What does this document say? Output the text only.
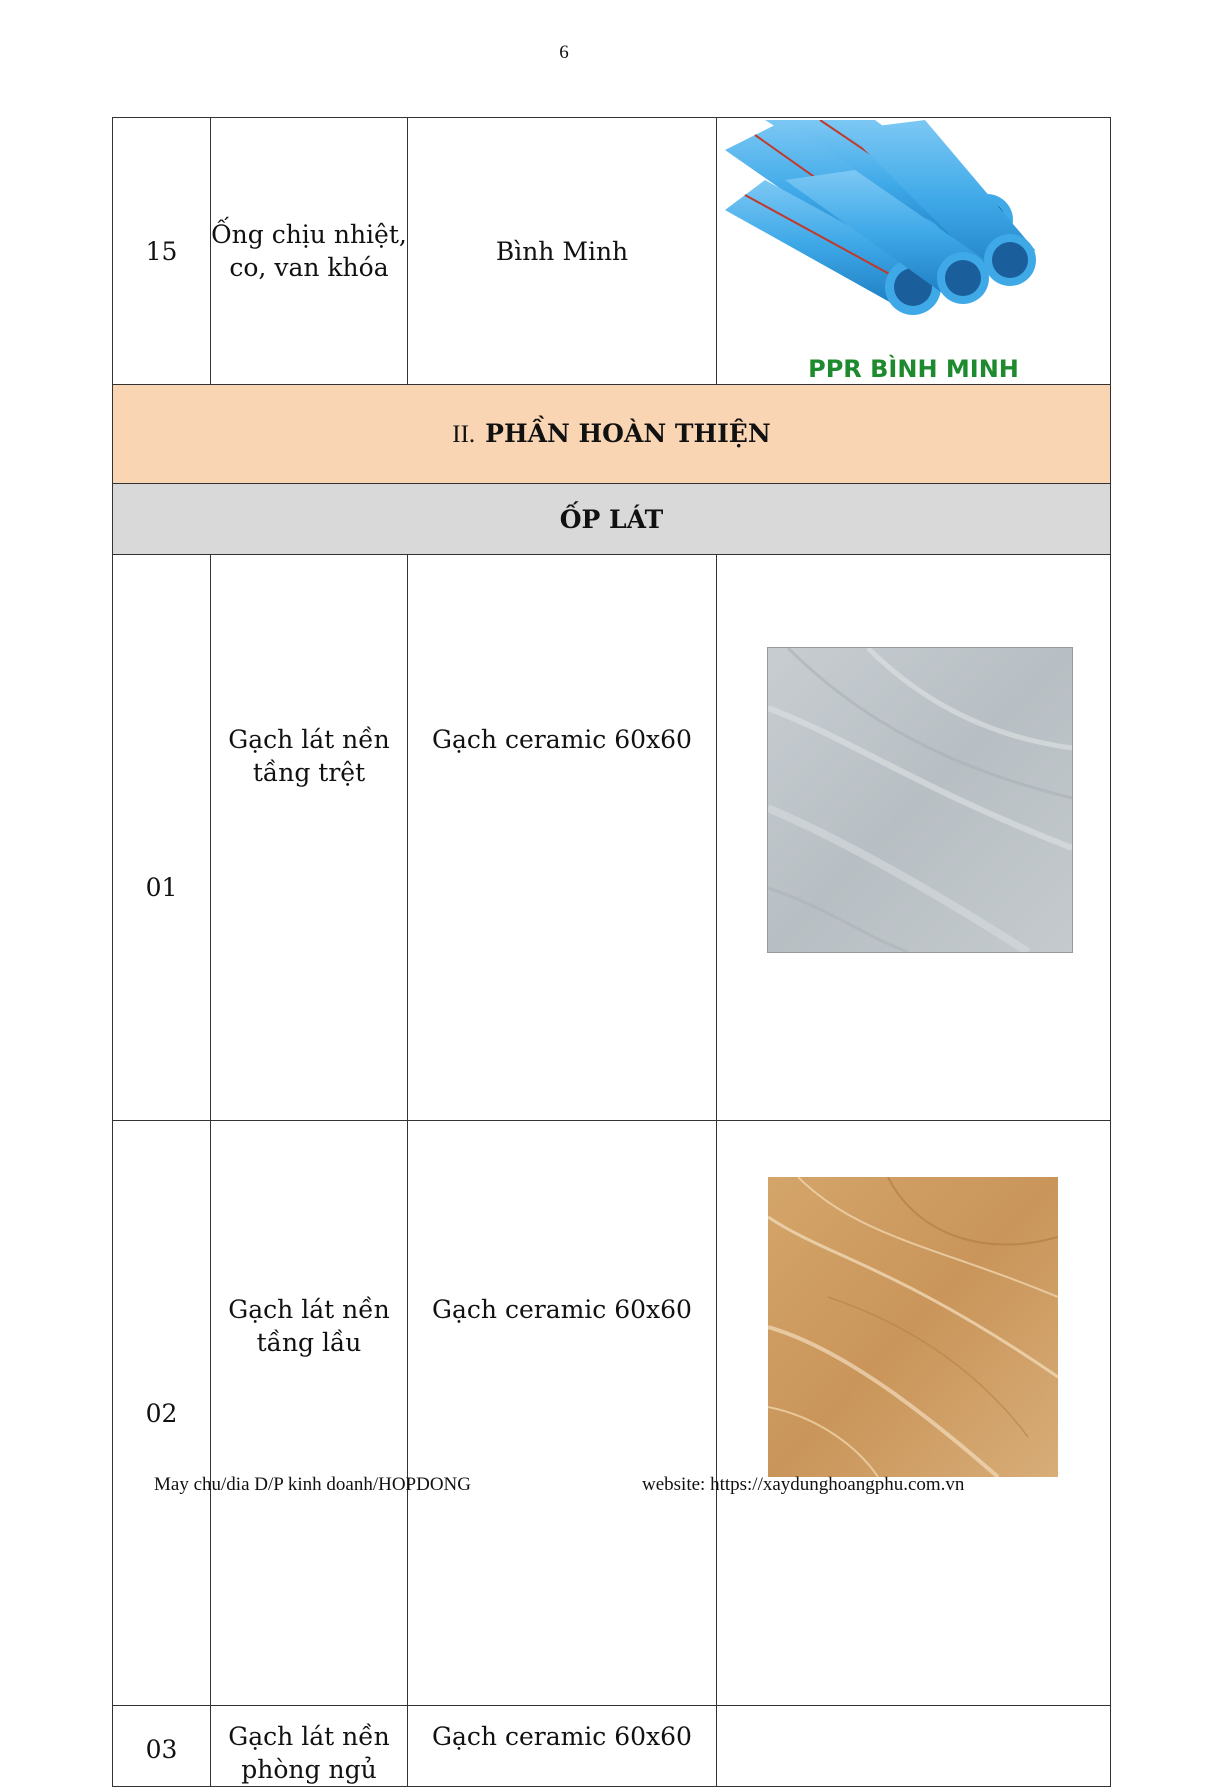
6
15	Ống chịu nhiệt, co, van khóa	Bình Minh	PPR BÌNH MINH

II. PHẦN HOÀN THIỆN			
ỐP LÁT			
01	Gạch lát nền tầng trệt	Gạch ceramic 60x60	

02	Gạch lát nền tầng lầu	Gạch ceramic 60x60	

03	Gạch lát nền phòng ngủ	Gạch ceramic 60x60	
May chu/dia D/P kinh doanh/HOPDONG	website: https://xaydunghoangphu.com.vn
